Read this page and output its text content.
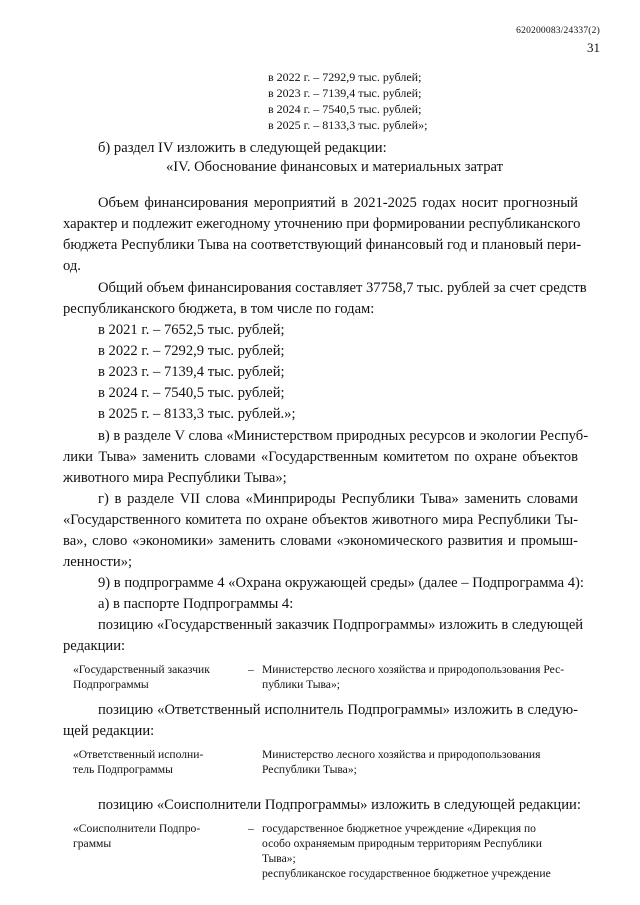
620200083/24337(2)
31
в 2022 г. – 7292,9 тыс. рублей;
в 2023 г. – 7139,4 тыс. рублей;
в 2024 г. – 7540,5 тыс. рублей;
в 2025 г. – 8133,3 тыс. рублей»;
б) раздел IV изложить в следующей редакции:
«IV. Обоснование финансовых и материальных затрат
Объем финансирования мероприятий в 2021-2025 годах носит прогнозный
характер и подлежит ежегодному уточнению при формировании республиканского
бюджета Республики Тыва на соответствующий финансовый год и плановый пери-
од.
Общий объем финансирования составляет 37758,7 тыс. рублей за счет средств
республиканского бюджета, в том числе по годам:
в 2021 г. – 7652,5 тыс. рублей;
в 2022 г. – 7292,9 тыс. рублей;
в 2023 г. – 7139,4 тыс. рублей;
в 2024 г. – 7540,5 тыс. рублей;
в 2025 г. – 8133,3 тыс. рублей.»;
в) в разделе V слова «Министерством природных ресурсов и экологии Респуб-
лики Тыва» заменить словами «Государственным комитетом по охране объектов
животного мира Республики Тыва»;
г) в разделе VII слова «Минприроды Республики Тыва» заменить словами
«Государственного комитета по охране объектов животного мира Республики Ты-
ва», слово «экономики» заменить словами «экономического развития и промыш-
ленности»;
9) в подпрограмме 4 «Охрана окружающей среды» (далее – Подпрограмма 4):
а) в паспорте Подпрограммы 4:
позицию «Государственный заказчик Подпрограммы» изложить в следующей
редакции:
«Государственный заказчик
Подпрограммы
– Министерство лесного хозяйства и природопользования Рес-
публики Тыва»;
позицию «Ответственный исполнитель Подпрограммы» изложить в следую-
щей редакции:
«Ответственный исполни-
тель Подпрограммы
Министерство лесного хозяйства и природопользования
Республики Тыва»;
позицию «Соисполнители Подпрограммы» изложить в следующей редакции:
«Соисполнители Подпро-
граммы
– государственное бюджетное учреждение «Дирекция по
особо охраняемым природным территориям Республики
Тыва»;
республиканское государственное бюджетное учреждение
